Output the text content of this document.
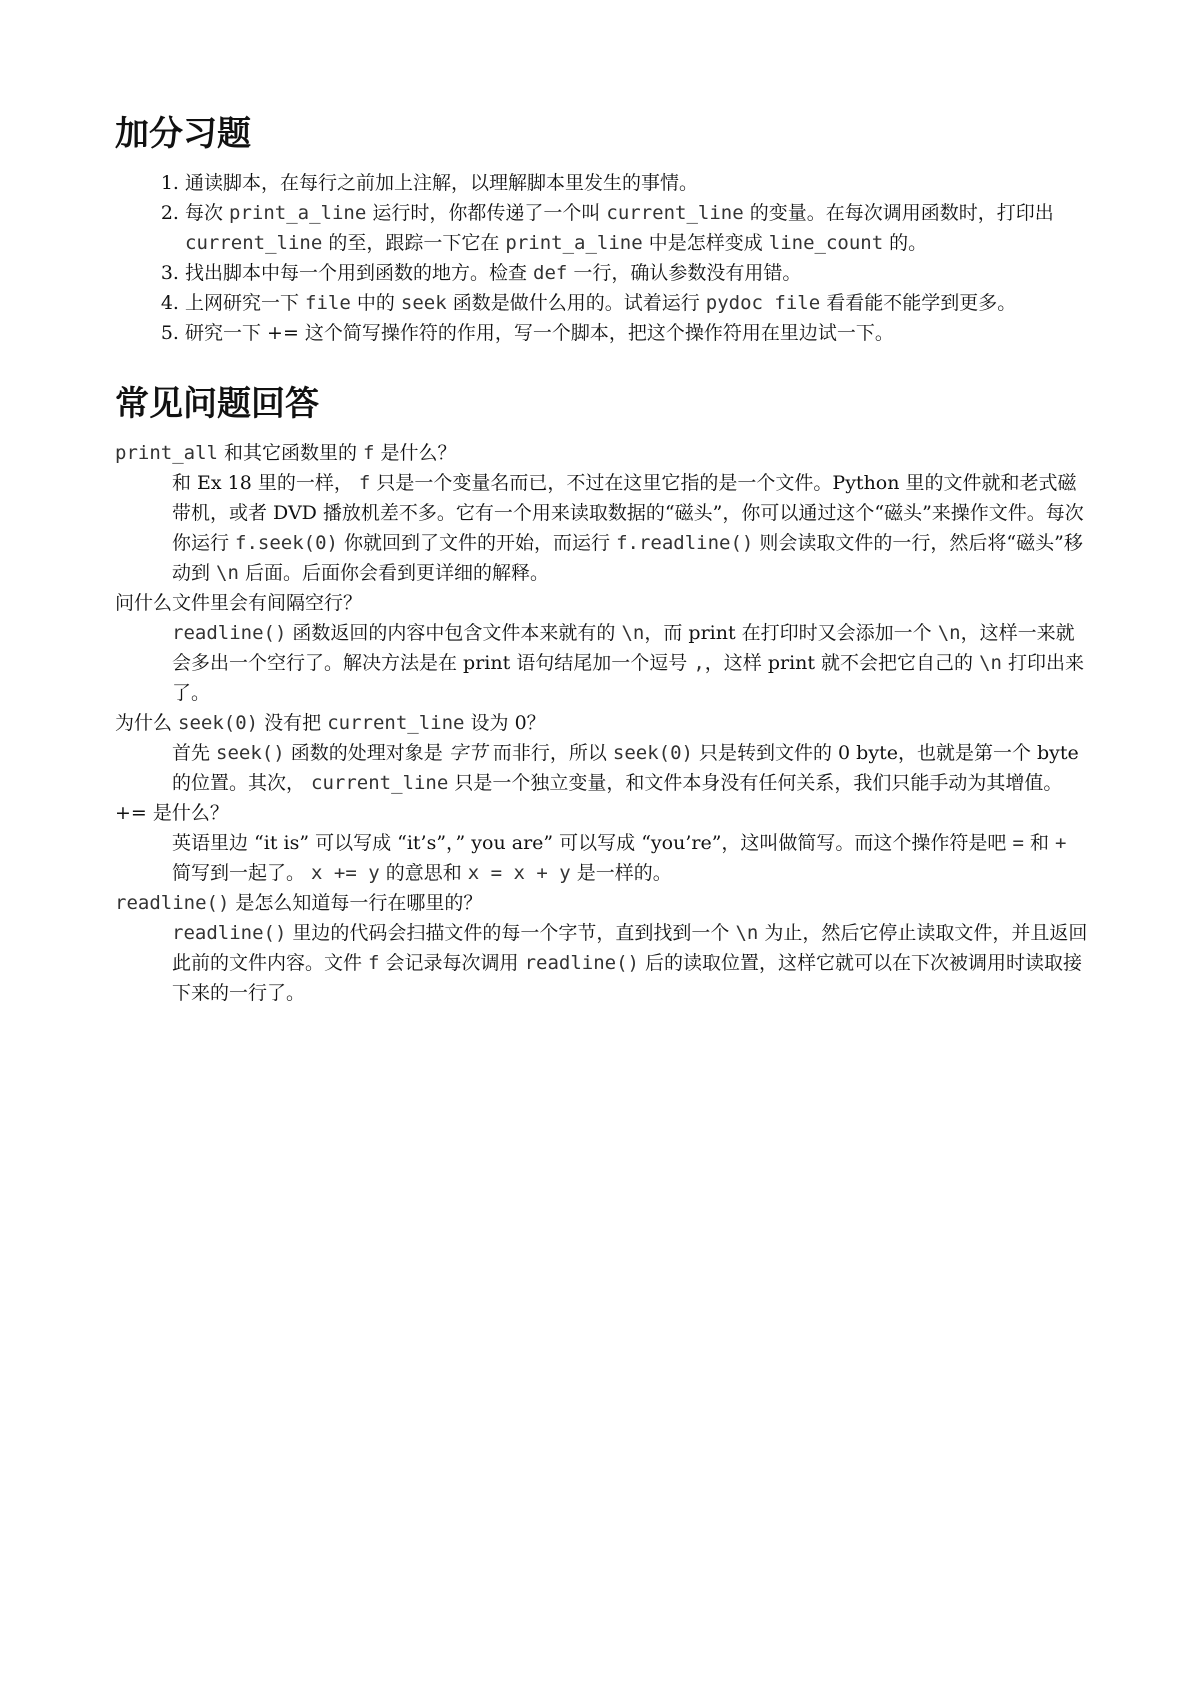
加分习题
1. 通读脚本，在每行之前加上注解，以理解脚本里发生的事情。
2. 每次 print_a_line 运行时，你都传递了一个叫 current_line 的变量。在每次调用函数时，打印出 current_line 的至，跟踪一下它在 print_a_line 中是怎样变成 line_count 的。
3. 找出脚本中每一个用到函数的地方。检查 def 一行，确认参数没有用错。
4. 上网研究一下 file 中的 seek 函数是做什么用的。试着运行 pydoc file 看看能不能学到更多。
5. 研究一下 += 这个简写操作符的作用，写一个脚本，把这个操作符用在里边试一下。
常见问题回答
print_all 和其它函数里的 f 是什么？
和 Ex 18 里的一样， f 只是一个变量名而已，不过在这里它指的是一个文件。Python 里的文件就和老式磁带机，或者 DVD 播放机差不多。它有一个用来读取数据的“磁头”，你可以通过这个“磁头”来操作文件。每次你运行 f.seek(0) 你就回到了文件的开始，而运行 f.readline() 则会读取文件的一行，然后将“磁头”移动到 \n 后面。后面你会看到更详细的解释。
问什么文件里会有间隔空行？
readline() 函数返回的内容中包含文件本来就有的 \n，而 print 在打印时又会添加一个 \n，这样一来就会多出一个空行了。解决方法是在 print 语句结尾加一个逗号 ,，这样 print 就不会把它自己的 \n 打印出来了。
为什么 seek(0) 没有把 current_line 设为 0？
首先 seek() 函数的处理对象是 字节 而非行，所以 seek(0) 只是转到文件的 0 byte，也就是第一个 byte 的位置。其次， current_line 只是一个独立变量，和文件本身没有任何关系，我们只能手动为其增值。
+= 是什么？
英语里边 “it is” 可以写成 “it’s”，” you are” 可以写成 “you’re”，这叫做简写。而这个操作符是吧 = 和 + 简写到一起了。 x += y 的意思和 x = x + y 是一样的。
readline() 是怎么知道每一行在哪里的？
readline() 里边的代码会扫描文件的每一个字节，直到找到一个 \n 为止，然后它停止读取文件，并且返回此前的文件内容。文件 f 会记录每次调用 readline() 后的读取位置，这样它就可以在下次被调用时读取接下来的一行了。
